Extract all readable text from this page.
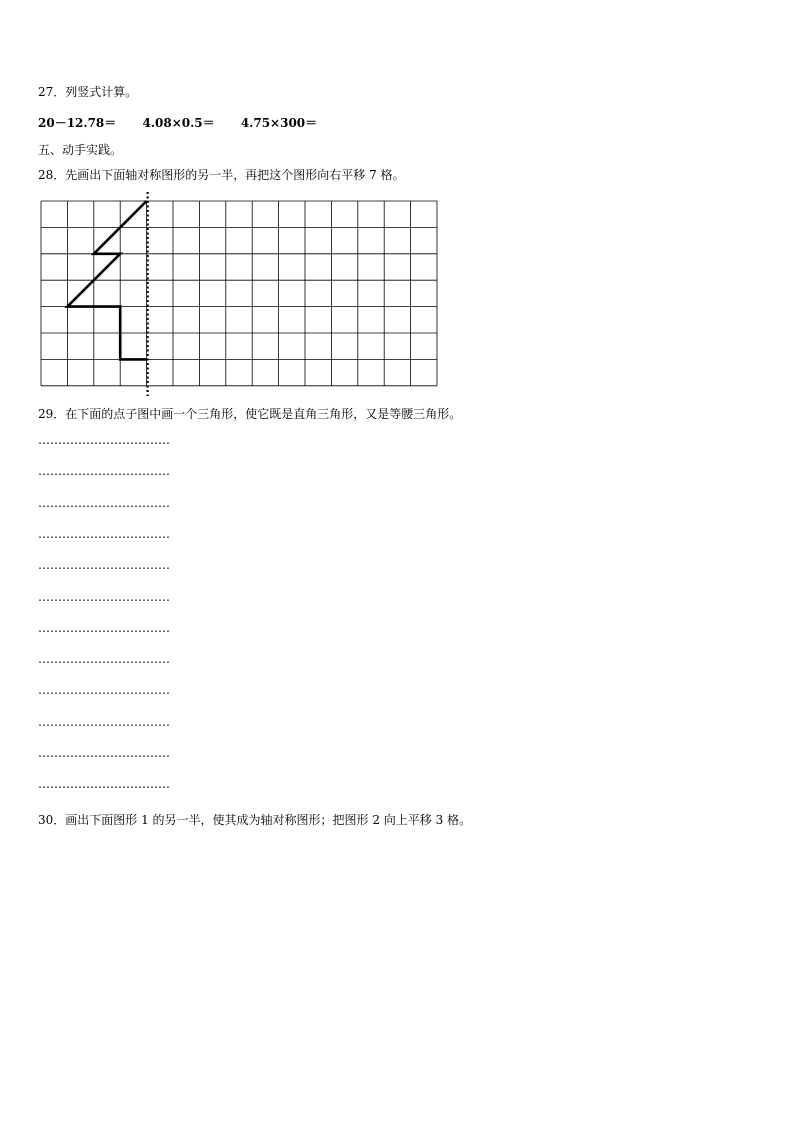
27．列竖式计算。
20－12.78＝ 4.08×0.5＝ 4.75×300＝
五、动手实践。
28．先画出下面轴对称图形的另一半，再把这个图形向右平移 7 格。
29．在下面的点子图中画一个三角形，使它既是直角三角形，又是等腰三角形。
……………………………
……………………………
……………………………
……………………………
……………………………
……………………………
……………………………
……………………………
……………………………
……………………………
……………………………
……………………………
30．画出下面图形 1 的另一半，使其成为轴对称图形；把图形 2 向上平移 3 格。
